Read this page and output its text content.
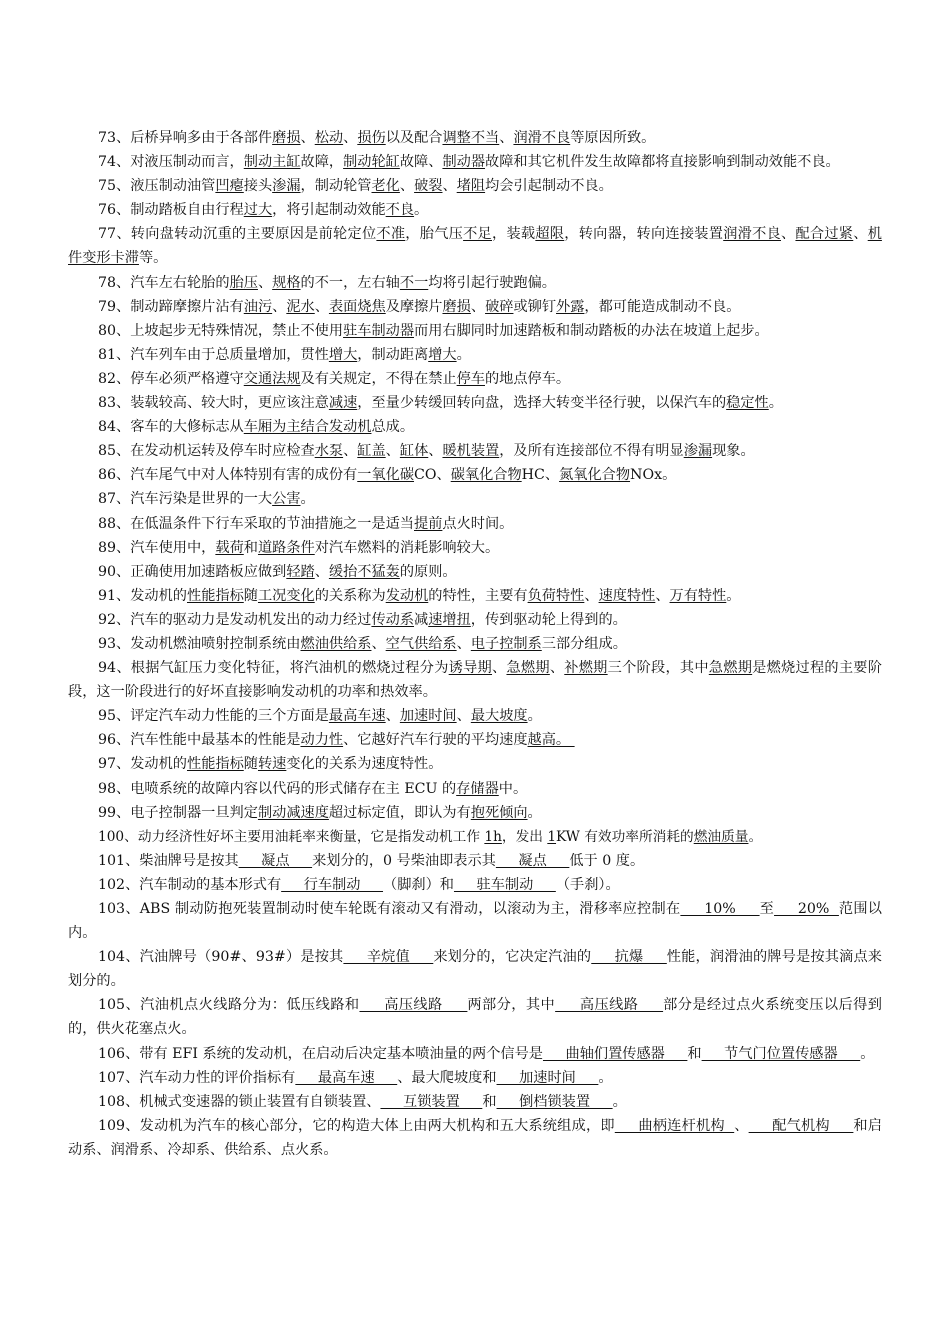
73、后桥异响多由于各部件磨损、松动、损伤以及配合调整不当、润滑不良等原因所致。

74、对液压制动而言，制动主缸故障，制动轮缸故障、制动器故障和其它机件发生故障都将直接影响到制动效能不良。

75、液压制动油管凹瘪接头渗漏，制动轮管老化、破裂、堵阻均会引起制动不良。

76、制动踏板自由行程过大，将引起制动效能不良。

77、转向盘转动沉重的主要原因是前轮定位不准，胎气压不足，装载超限，转向器，转向连接装置润滑不良、配合过紧、机件变形卡滞等。

78、汽车左右轮胎的胎压、规格的不一，左右轴不一均将引起行驶跑偏。

79、制动蹄摩擦片沾有油污、泥水、表面烧焦及摩擦片磨损、破碎或铆钉外露，都可能造成制动不良。

80、上坡起步无特殊情况，禁止不使用驻车制动器而用右脚同时加速踏板和制动踏板的办法在坡道上起步。

81、汽车列车由于总质量增加，贯性增大，制动距离增大。

82、停车必须严格遵守交通法规及有关规定，不得在禁止停车的地点停车。

83、装载较高、较大时，更应该注意减速，至量少转缓回转向盘，选择大转变半径行驶，以保汽车的稳定性。

84、客车的大修标志从车厢为主结合发动机总成。

85、在发动机运转及停车时应检查水泵、缸盖、缸体、暖机装置，及所有连接部位不得有明显渗漏现象。

86、汽车尾气中对人体特别有害的成份有一氧化碳CO、碳氧化合物HC、氮氧化合物NOx。

87、汽车污染是世界的一大公害。

88、在低温条件下行车采取的节油措施之一是适当提前点火时间。

89、汽车使用中，载荷和道路条件对汽车燃料的消耗影响较大。

90、正确使用加速踏板应做到轻踏、缓抬不猛轰的原则。

91、发动机的性能指标随工况变化的关系称为发动机的特性，主要有负荷特性、速度特性、万有特性。

92、汽车的驱动力是发动机发出的动力经过传动系减速增扭，传到驱动轮上得到的。

93、发动机燃油喷射控制系统由燃油供给系、空气供给系、电子控制系三部分组成。

94、根据气缸压力变化特征，将汽油机的燃烧过程分为诱导期、急燃期、补燃期三个阶段，其中急燃期是燃烧过程的主要阶段，这一阶段进行的好坏直接影响发动机的功率和热效率。

95、评定汽车动力性能的三个方面是最高车速、加速时间、最大坡度。

96、汽车性能中最基本的性能是动力性、它越好汽车行驶的平均速度越高。

97、发动机的性能指标随转速变化的关系为速度特性。

98、电喷系统的故障内容以代码的形式储存在主 ECU 的存储器中。

99、电子控制器一旦判定制动减速度超过标定值，即认为有抱死倾向。

100、动力经济性好坏主要用油耗率来衡量，它是指发动机工作 1h，发出 1KW 有效功率所消耗的燃油质量。

101、柴油牌号是按其     凝点     来划分的，0 号柴油即表示其     凝点     低于 0 度。

102、汽车制动的基本形式有     行车制动     （脚刹）和     驻车制动     （手刹）。

103、ABS 制动防抱死装置制动时使车轮既有滚动又有滑动，以滚动为主，滑移率应控制在     10%     至     20%  范围以内。

104、汽油牌号（90#、93#）是按其     辛烷值     来划分的，它决定汽油的     抗爆     性能，润滑油的牌号是按其滴点来划分的。

105、汽油机点火线路分为：低压线路和     高压线路     两部分，其中     高压线路     部分是经过点火系统变压以后得到的，供火花塞点火。

106、带有 EFI 系统的发动机，在启动后决定基本喷油量的两个信号是     曲轴们置传感器     和     节气门位置传感器     。

107、汽车动力性的评价指标有     最高车速     、最大爬坡度和     加速时间     。

108、机械式变速器的锁止装置有自锁装置、     互锁装置     和     倒档锁装置     。

109、发动机为汽车的核心部分，它的构造大体上由两大机构和五大系统组成，即     曲柄连杆机构  、     配气机构     和启动系、润滑系、冷却系、供给系、点火系。
